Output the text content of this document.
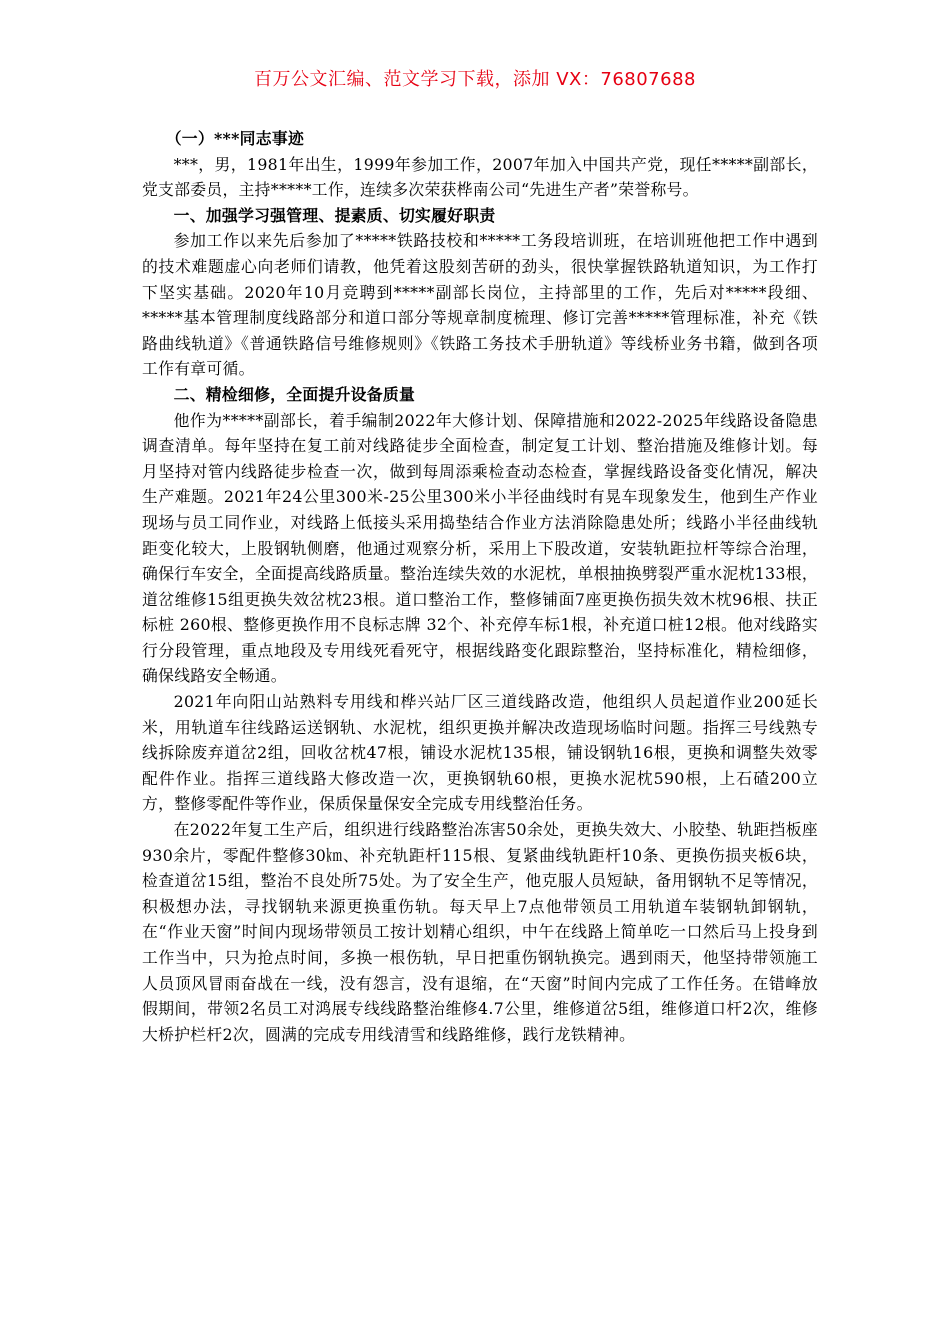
百万公文汇编、范文学习下载，添加 VX：76807688

（一）***同志事迹

***，男，1981年出生，1999年参加工作，2007年加入中国共产党，现任*****副部长，党支部委员，主持*****工作，连续多次荣获桦南公司“先进生产者”荣誉称号。

一、加强学习强管理、提素质、切实履好职责

参加工作以来先后参加了*****铁路技校和*****工务段培训班，在培训班他把工作中遇到的技术难题虚心向老师们请教，他凭着这股刻苦研的劲头，很快掌握铁路轨道知识，为工作打下坚实基础。2020年10月竞聘到*****副部长岗位，主持部里的工作，先后对*****段细、*****基本管理制度线路部分和道口部分等规章制度梳理、修订完善*****管理标准，补充《铁路曲线轨道》《普通铁路信号维修规则》《铁路工务技术手册轨道》等线桥业务书籍，做到各项工作有章可循。

二、精检细修，全面提升设备质量

他作为*****副部长，着手编制2022年大修计划、保障措施和2022-2025年线路设备隐患调查清单。每年坚持在复工前对线路徒步全面检查，制定复工计划、整治措施及维修计划。每月坚持对管内线路徒步检查一次，做到每周添乘检查动态检查，掌握线路设备变化情况，解决生产难题。2021年24公里300米-25公里300米小半径曲线时有晃车现象发生，他到生产作业现场与员工同作业，对线路上低接头采用捣垫结合作业方法消除隐患处所；线路小半径曲线轨距变化较大，上股钢轨侧磨，他通过观察分析，采用上下股改道，安装轨距拉杆等综合治理，确保行车安全，全面提高线路质量。整治连续失效的水泥枕，单根抽换劈裂严重水泥枕133根，道岔维修15组更换失效岔枕23根。道口整治工作，整修铺面7座更换伤损失效木枕96根、扶正标桩 260根、整修更换作用不良标志牌 32个、补充停车标1根，补充道口桩12根。他对线路实行分段管理，重点地段及专用线死看死守，根据线路变化跟踪整治，坚持标准化，精检细修，确保线路安全畅通。

2021年向阳山站熟料专用线和桦兴站厂区三道线路改造，他组织人员起道作业200延长米，用轨道车往线路运送钢轨、水泥枕，组织更换并解决改造现场临时问题。指挥三号线熟专线拆除废弃道岔2组，回收岔枕47根，铺设水泥枕135根，铺设钢轨16根，更换和调整失效零配件作业。指挥三道线路大修改造一次，更换钢轨60根，更换水泥枕590根，上石碴200立方，整修零配件等作业，保质保量保安全完成专用线整治任务。

在2022年复工生产后，组织进行线路整治冻害50余处，更换失效大、小胶垫、轨距挡板座930余片，零配件整修30㎞、补充轨距杆115根、复紧曲线轨距杆10条、更换伤损夹板6块，检查道岔15组，整治不良处所75处。为了安全生产，他克服人员短缺，备用钢轨不足等情况，积极想办法，寻找钢轨来源更换重伤轨。每天早上7点他带领员工用轨道车装钢轨卸钢轨，在“作业天窗”时间内现场带领员工按计划精心组织，中午在线路上简单吃一口然后马上投身到工作当中，只为抢点时间，多换一根伤轨，早日把重伤钢轨换完。遇到雨天，他坚持带领施工人员顶风冒雨奋战在一线，没有怨言，没有退缩，在“天窗”时间内完成了工作任务。在错峰放假期间，带领2名员工对鸿展专线线路整治维修4.7公里，维修道岔5组，维修道口杆2次，维修大桥护栏杆2次，圆满的完成专用线清雪和线路维修，践行龙铁精神。
